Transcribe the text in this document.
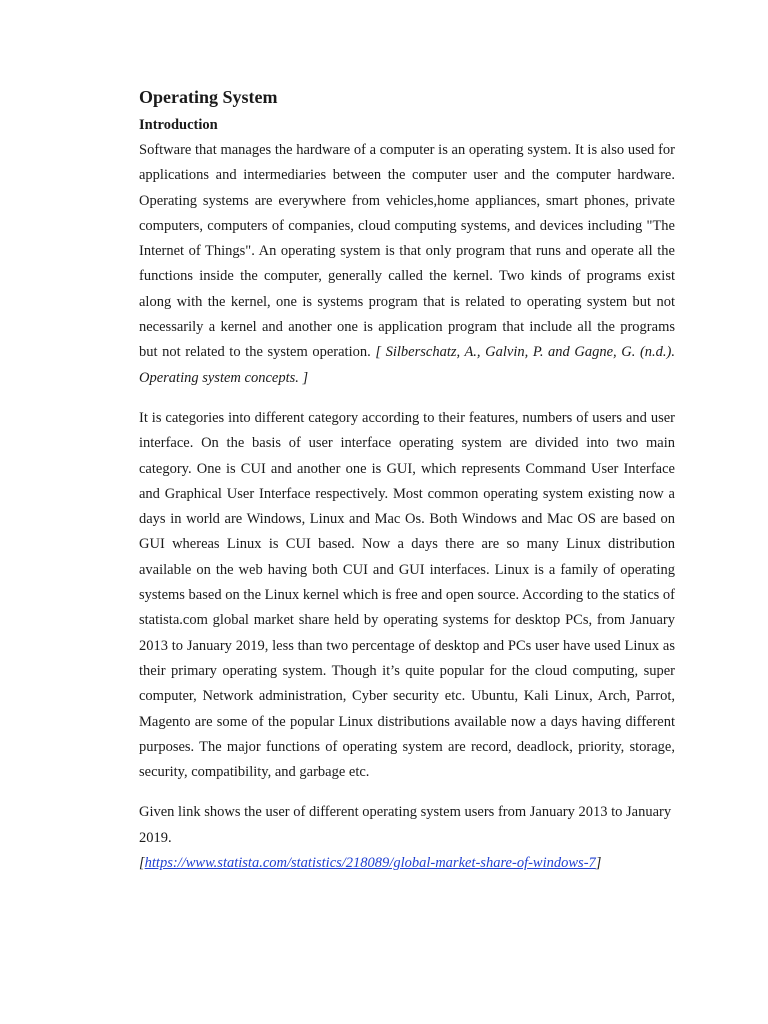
Operating System
Introduction

Software that manages the hardware of a computer is an operating system. It is also used for applications and intermediaries between the computer user and the computer hardware. Operating systems are everywhere from vehicles,home appliances, smart phones, private computers, computers of companies, cloud computing systems, and devices including "The Internet of Things". An operating system is that only program that runs and operate all the functions inside the computer, generally called the kernel. Two kinds of programs exist along with the kernel, one is systems program that is related to operating system but not necessarily a kernel and another one is application program that include all the programs but not related to the system operation. [ Silberschatz, A., Galvin, P. and Gagne, G. (n.d.). Operating system concepts. ]

It is categories into different category according to their features, numbers of users and user interface. On the basis of user interface operating system are divided into two main category. One is CUI and another one is GUI, which represents Command User Interface and Graphical User Interface respectively. Most common operating system existing now a days in world are Windows, Linux and Mac Os. Both Windows and Mac OS are based on GUI whereas Linux is CUI based. Now a days there are so many Linux distribution available on the web having both CUI and GUI interfaces. Linux is a family of operating systems based on the Linux kernel which is free and open source. According to the statics of statista.com global market share held by operating systems for desktop PCs, from January 2013 to January 2019, less than two percentage of desktop and PCs user have used Linux as their primary operating system. Though it’s quite popular for the cloud computing, super computer, Network administration, Cyber security etc. Ubuntu, Kali Linux, Arch, Parrot, Magento are some of the popular Linux distributions available now a days having different purposes. The major functions of operating system are record, deadlock, priority, storage, security, compatibility, and garbage etc.

Given link shows the user of different operating system users from January 2013 to January 2019.

[https://www.statista.com/statistics/218089/global-market-share-of-windows-7]
